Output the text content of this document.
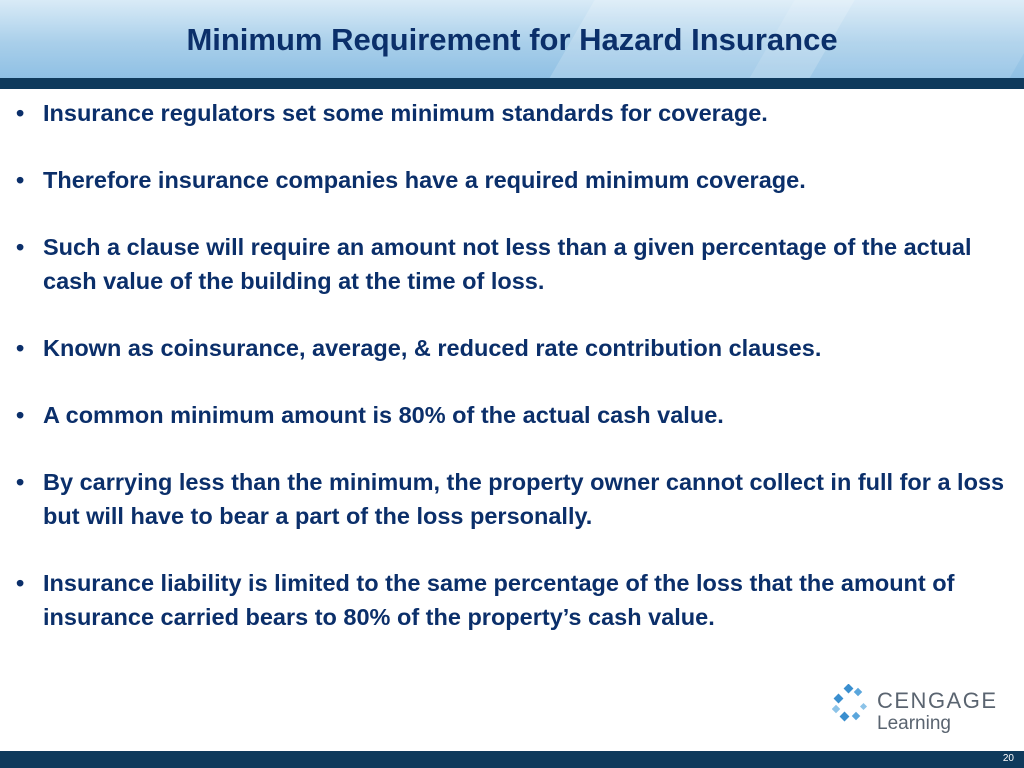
Minimum Requirement for Hazard Insurance
• Insurance regulators set some minimum standards for coverage.
• Therefore insurance companies have a required minimum coverage.
• Such a clause will require an amount not less than a given percentage of the actual cash value of the building at the time of loss.
• Known as coinsurance, average, & reduced rate contribution clauses.
• A common minimum amount is 80% of the actual cash value.
• By carrying less than the minimum, the property owner cannot collect in full for a loss but will have to bear a part of the loss personally.
• Insurance liability is limited to the same percentage of the loss that the amount of insurance carried bears to 80% of the property’s cash value.
CENGAGE
Learning
20
